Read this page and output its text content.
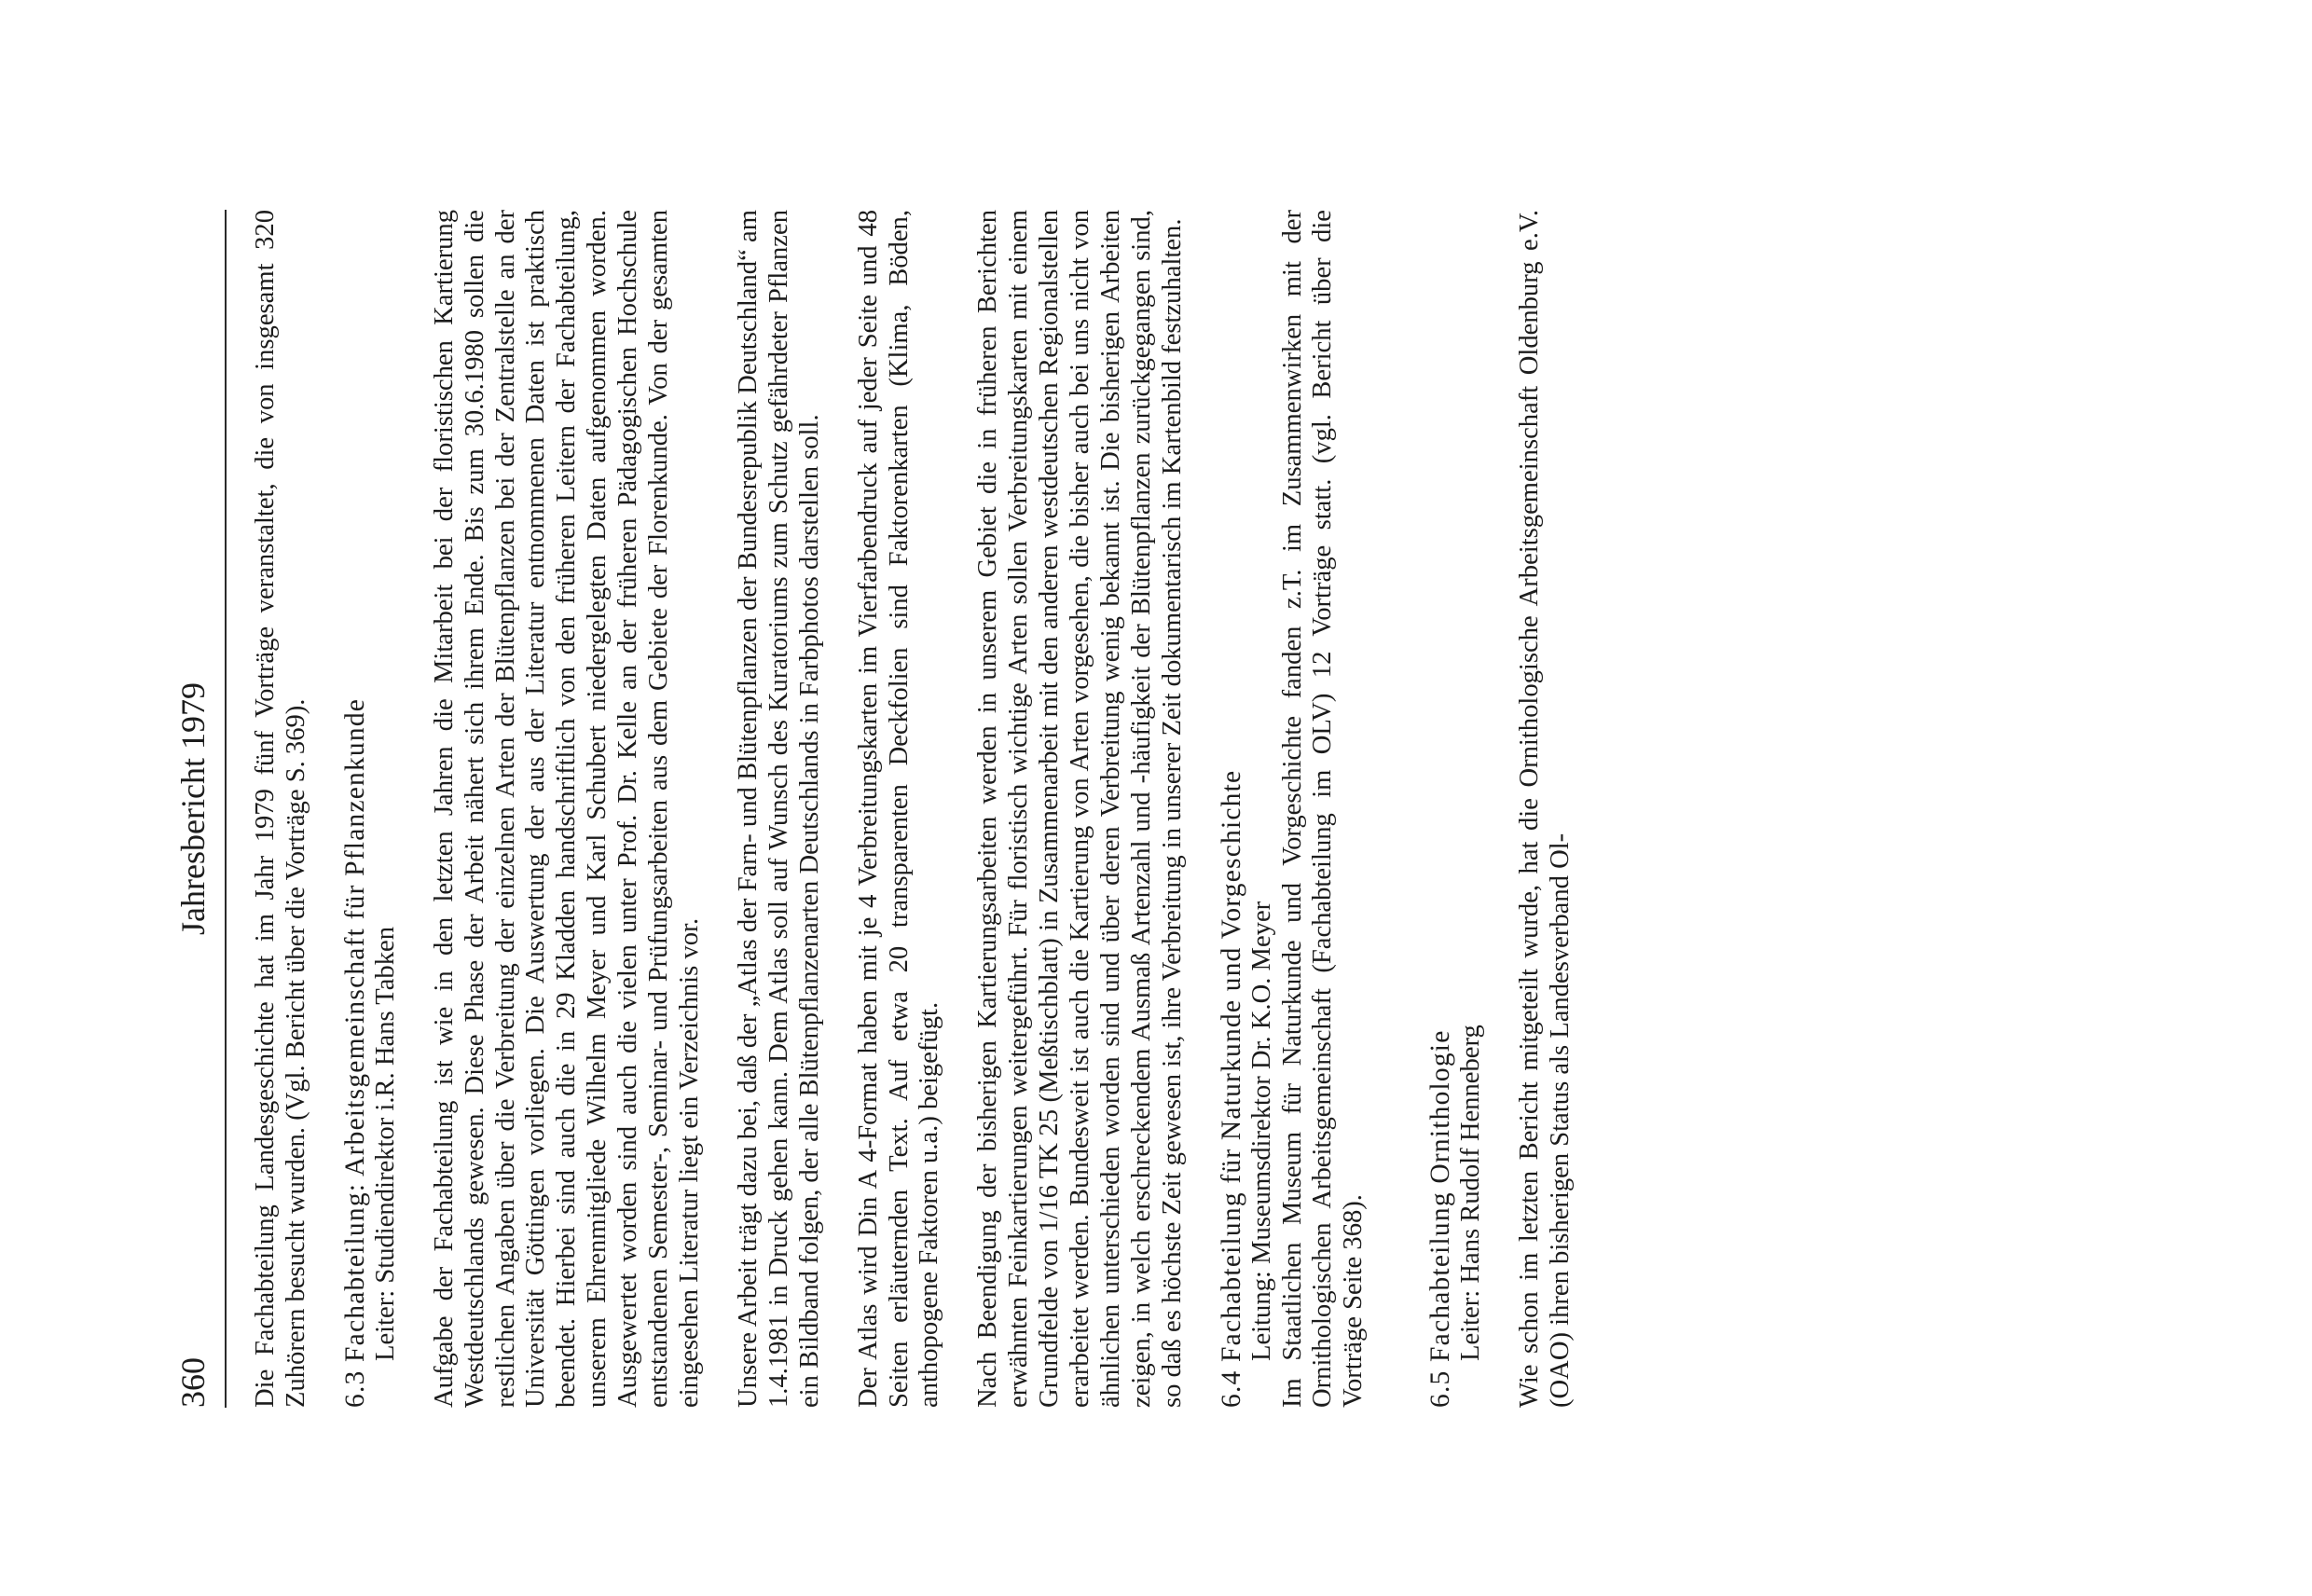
360
Jahresbericht 1979 Die Fachabteilung Landesgeschichte hat im Jahr 1979 fünf Vorträge veranstaltet, die von insgesamt 320 Zuhörern besucht wurden. (Vgl. Bericht über die Vorträge S. 369). 6.3 Fachabteilung: Arbeitsgemeinschaft für Pflanzenkunde Leiter: Studiendirektor i.R. Hans Tabken Aufgabe der Fachabteilung ist wie in den letzten Jahren die Mitarbeit bei der floristischen Kartierung Westdeutschlands gewesen. Diese Phase der Arbeit nähert sich ihrem Ende. Bis zum 30.6.1980 sollen die restlichen Angaben über die Verbreitung der einzelnen Arten der Blütenpflanzen bei der Zentralstelle an der Universität Göttingen vorliegen. Die Auswertung der aus der Literatur entnommenen Daten ist praktisch beendet. Hierbei sind auch die in 29 Kladden handschriftlich von den früheren Leitern der Fachabteilung, unserem Ehrenmitgliede Wilhelm Meyer und Karl Schubert niedergelegten Daten aufgenommen worden. Ausgewertet worden sind auch die vielen unter Prof. Dr. Kelle an der früheren Pädagogischen Hochschule entstandenen Semester-, Seminar- und Prüfungsarbeiten aus dem Gebiete der Florenkunde. Von der gesamten eingesehen Literatur liegt ein Verzeichnis vor. Unsere Arbeit trägt dazu bei, daß der „Atlas der Farn- und Blütenpflanzen der Bundesrepublik Deutschland“ am 1.4.1981 in Druck gehen kann. Dem Atlas soll auf Wunsch des Kuratoriums zum Schutz gefährdeter Pflanzen ein Bildband folgen, der alle Blütenpflanzenarten Deutschlands in Farbphotos darstellen soll. Der Atlas wird Din A 4-Format haben mit je 4 Verbreitungskarten im Vierfarbendruck auf jeder Seite und 48 Seiten erläuternden Text. Auf etwa 20 transparenten Deckfolien sind Faktorenkarten (Klima, Böden, anthopogene Faktoren u.a.) beigefügt. Nach Beendigung der bisherigen Kartierungsarbeiten werden in unserem Gebiet die in früheren Berichten erwähnten Feinkartierungen weitergeführt. Für floristisch wichtige Arten sollen Verbreitungskarten mit einem Grundfelde von 1/16 TK 25 (Meßtischblatt) in Zusammenarbeit mit den anderen westdeutschen Regionalstellen erarbeitet werden. Bundesweit ist auch die Kartierung von Arten vorgesehen, die bisher auch bei uns nicht von ähnlichen unterschieden worden sind und über deren Verbreitung wenig bekannt ist. Die bisherigen Arbeiten zeigen, in welch erschreckendem Ausmaß Artenzahl und -häufigkeit der Blütenpflanzen zurückgegangen sind, so daß es höchste Zeit gewesen ist, ihre Verbreitung in unserer Zeit dokumentarisch im Kartenbild festzuhalten. 6.4 Fachabteilung für Naturkunde und Vorgeschichte Leitung: Museumsdirektor Dr. K.O. Meyer Im Staatlichen Museum für Naturkunde und Vorgeschichte fanden z.T. im Zusammenwirken mit der Ornithologischen Arbeitsgemeinschaft (Fachabteilung im OLV) 12 Vorträge statt. (vgl. Bericht über die Vorträge Seite 368). 6.5 Fachabteilung Ornithologie Leiter: Hans Rudolf Henneberg Wie schon im letzten Bericht mitgeteilt wurde, hat die Ornithologische Arbeitsgemeinschaft Oldenburg e.V. (OAO) ihren bisherigen Status als Landesverband Ol-
